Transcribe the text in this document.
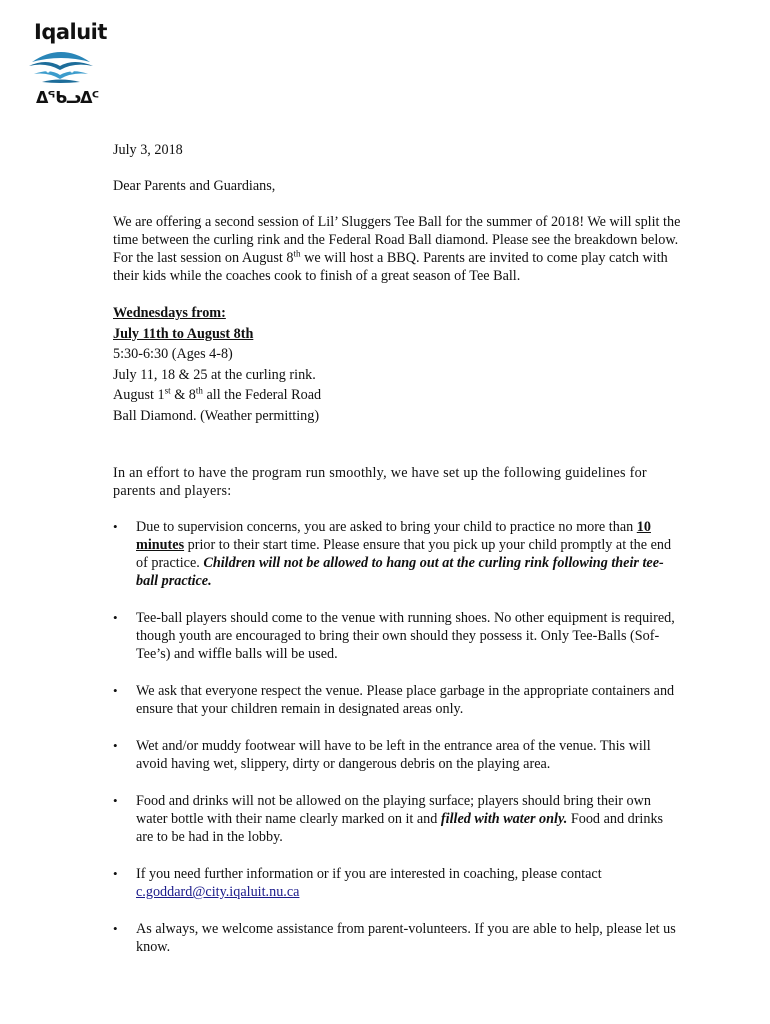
Iqaluit
ᐃᖃᓗᐃᑦ

July 3, 2018

Dear Parents and Guardians,

We are offering a second session of Lil’ Sluggers Tee Ball for the summer of 2018! We will split the time between the curling rink and the Federal Road Ball diamond. Please see the breakdown below. For the last session on August 8th we will host a BBQ. Parents are invited to come play catch with their kids while the coaches cook to finish of a great season of Tee Ball.

Wednesdays from:
July 11th to August 8th
5:30-6:30 (Ages 4-8)
July 11, 18 & 25 at the curling rink.
August 1st & 8th all the Federal Road
Ball Diamond. (Weather permitting)

In an effort to have the program run smoothly, we have set up the following guidelines for parents and players:

• Due to supervision concerns, you are asked to bring your child to practice no more than 10 minutes prior to their start time. Please ensure that you pick up your child promptly at the end of practice. Children will not be allowed to hang out at the curling rink following their tee-ball practice.
• Tee-ball players should come to the venue with running shoes. No other equipment is required, though youth are encouraged to bring their own should they possess it. Only Tee-Balls (Sof-Tee’s) and wiffle balls will be used.
• We ask that everyone respect the venue. Please place garbage in the appropriate containers and ensure that your children remain in designated areas only.
• Wet and/or muddy footwear will have to be left in the entrance area of the venue. This will avoid having wet, slippery, dirty or dangerous debris on the playing area.
• Food and drinks will not be allowed on the playing surface; players should bring their own water bottle with their name clearly marked on it and filled with water only. Food and drinks are to be had in the lobby.
• If you need further information or if you are interested in coaching, please contact c.goddard@city.iqaluit.nu.ca
• As always, we welcome assistance from parent-volunteers. If you are able to help, please let us know.
